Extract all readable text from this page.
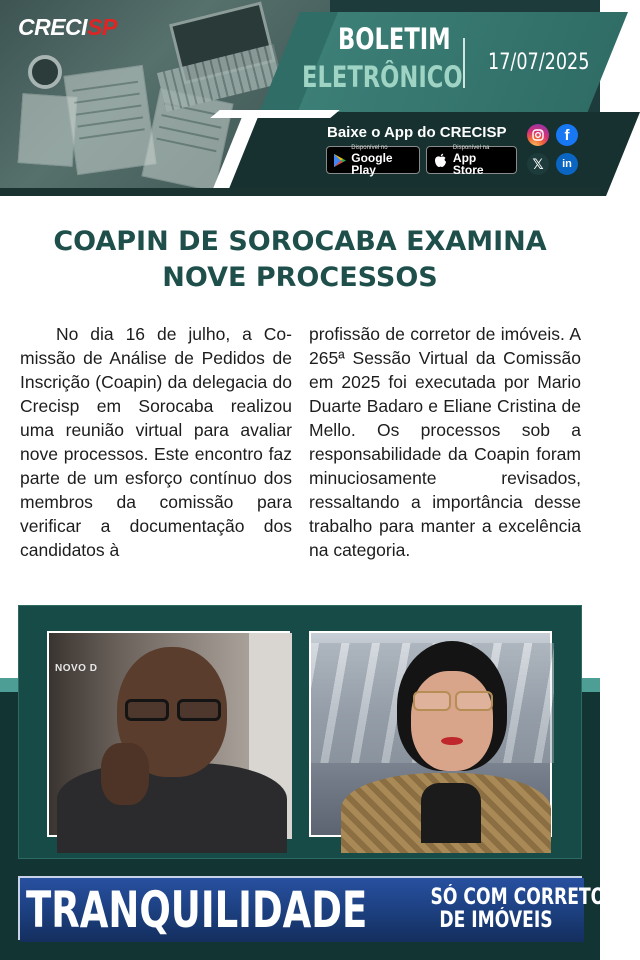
CRECISP	BOLETIM
ELETRÔNICO 17/07/2025
Baixe o App do CRECISP
Disponível no
Google Play
Disponível na
App Store
f
𝕏	in
COAPIN DE SOROCABA EXAMINA
NOVE PROCESSOS

No dia 16 de julho, a Comissão de Análise de Pedidos de Inscrição (Coapin) da delegacia do Crecisp em Sorocaba realizou uma reunião virtual para avaliar nove processos. Este encontro faz parte de um esforço contínuo dos membros da comissão para verificar a documentação dos candidatos à

profissão de corretor de imóveis. A 265ª Sessão Virtual da Comissão em 2025 foi executada por Mario Duarte Badaro e Eliane Cristina de Mello. Os processos sob a responsabilidade da Coapin foram minuciosamente revisados, ressaltando a importância desse trabalho para manter a excelência na categoria.

NOVO D
TRANQUILIDADE	SÓ COM CORRETOR
DE IMÓVEIS
